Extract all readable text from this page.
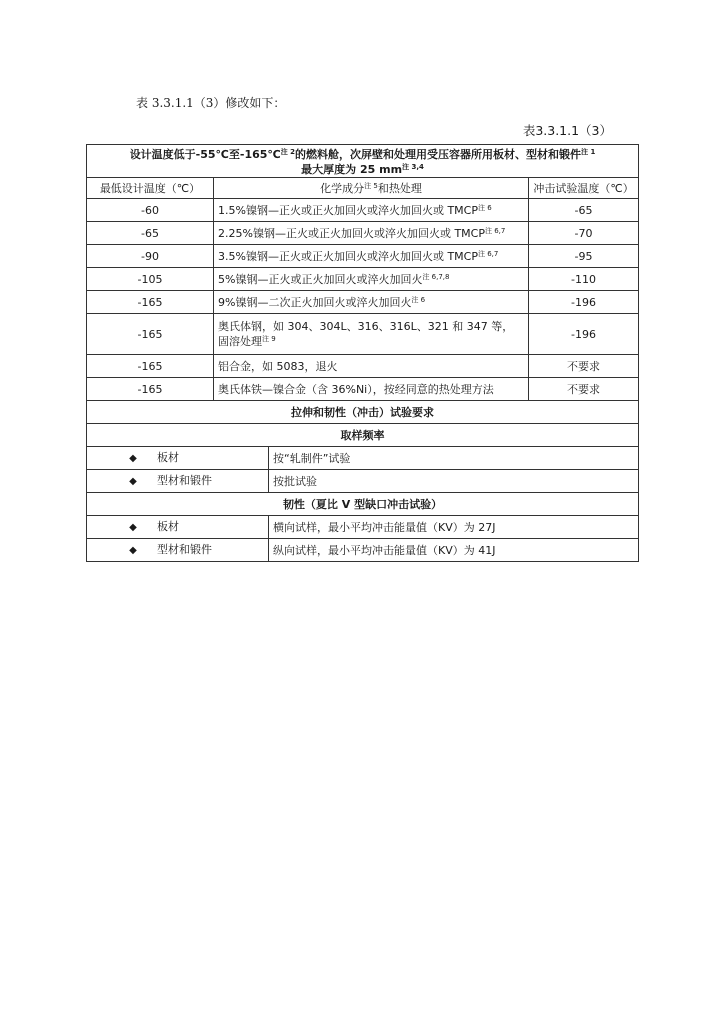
表 3.3.1.1（3）修改如下：
表3.3.1.1（3）
设计温度低于-55℃至-165℃$^{注 2}$的燃料舱，次屏壁和处理用受压容器所用板材、型材和锻件$^{注 1}$
最大厚度为 25 $mm^{注 3,4}$
最低设计温度（℃）	化学成分$^{注 5}$和热处理		冲击试验温度（℃）
-60	1.5%镍钢—正火或正火加回火或淬火加回火或 $TMCP^{注 6}$		-65
-65	2.25%镍钢—正火或正火加回火或淬火加回火或 $TMCP^{注 6,7}$		-70
-90	3.5%镍钢—正火或正火加回火或淬火加回火或 $TMCP^{注 6,7}$		-95
-105	5%镍钢—正火或正火加回火或淬火加回火$^{注 6,7,8}$		-110
-165	9%镍钢—二次正火加回火或淬火加回火$^{注 6}$		-196
-165	奥氏体钢，如 304、304L、316、316L、321 和 347 等，固溶处理$^{注 9}$		-196
-165	铝合金，如 5083，退火		不要求
-165	奥氏体铁—镍合金（含 36%Ni），按经同意的热处理方法		不要求
拉伸和韧性（冲击）试验要求			
取样频率			
◆ 板材		按“轧制件”试验	
◆ 型材和锻件		按批试验	
韧性（夏比 V 型缺口冲击试验）			
◆ 板材		横向试样，最小平均冲击能量值（KV）为 27J	
◆ 型材和锻件		纵向试样，最小平均冲击能量值（KV）为 41J	
